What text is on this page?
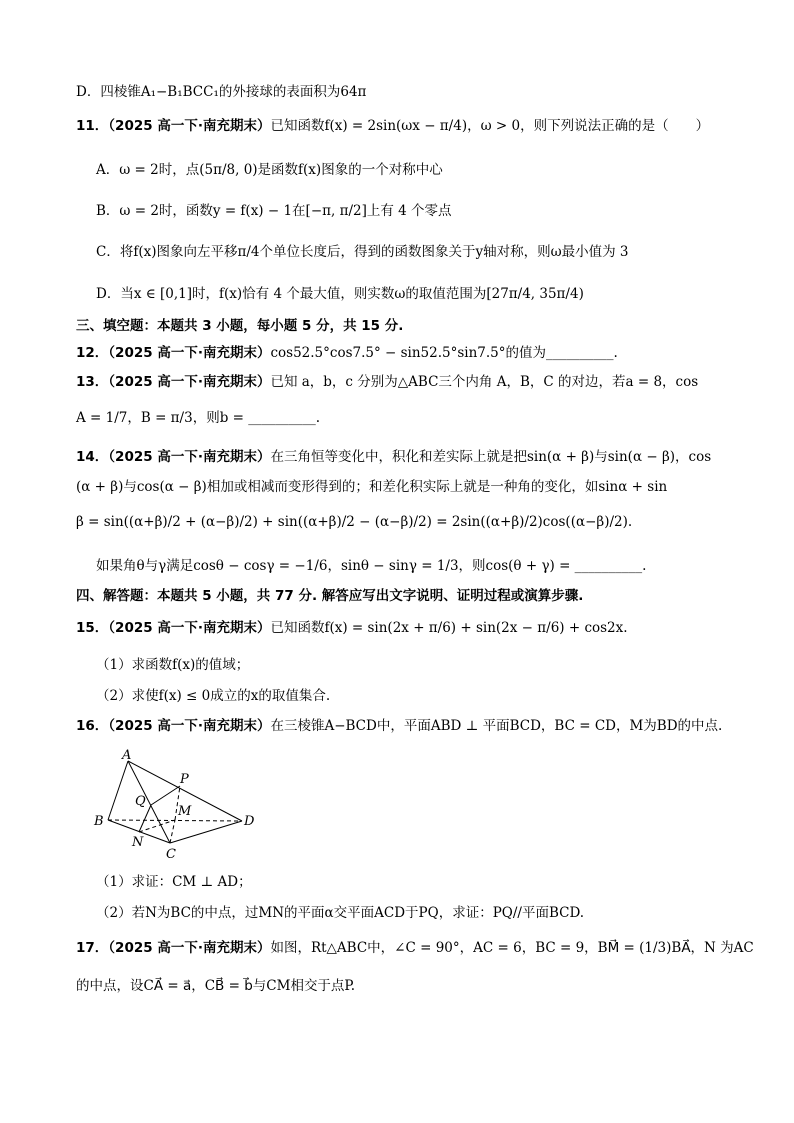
D．四棱锥A₁−B₁BCC₁的外接球的表面积为64π
11．（2025 高一下·南充期末）已知函数f(x) = 2sin(ωx − π/4)，ω > 0，则下列说法正确的是（　　）
A．ω = 2时，点(5π/8, 0)是函数f(x)图象的一个对称中心
B．ω = 2时，函数y = f(x) − 1在[−π, π/2]上有 4 个零点
C．将f(x)图象向左平移π/4个单位长度后，得到的函数图象关于y轴对称，则ω最小值为 3
D．当x ∈ [0,1]时，f(x)恰有 4 个最大值，则实数ω的取值范围为[27π/4, 35π/4)
三、填空题：本题共 3 小题，每小题 5 分，共 15 分.
12．（2025 高一下·南充期末）cos52.5°cos7.5° − sin52.5°sin7.5°的值为__________.
13．（2025 高一下·南充期末）已知 a，b，c 分别为△ABC三个内角 A，B，C 的对边，若a = 8，cos
A = 1/7，B = π/3，则b = __________.
14．（2025 高一下·南充期末）在三角恒等变化中，积化和差实际上就是把sin(α + β)与sin(α − β)，cos
(α + β)与cos(α − β)相加或相减而变形得到的；和差化积实际上就是一种角的变化，如sinα + sin
β = sin((α+β)/2 + (α−β)/2) + sin((α+β)/2 − (α−β)/2) = 2sin((α+β)/2)cos((α−β)/2).
如果角θ与γ满足cosθ − cosγ = −1/6，sinθ − sinγ = 1/3，则cos(θ + γ) = __________.
四、解答题：本题共 5 小题，共 77 分. 解答应写出文字说明、证明过程或演算步骤.
15．（2025 高一下·南充期末）已知函数f(x) = sin(2x + π/6) + sin(2x − π/6) + cos2x.
（1）求函数f(x)的值域；
（2）求使f(x) ≤ 0成立的x的取值集合.
16．（2025 高一下·南充期末）在三棱锥A−BCD中，平面ABD ⊥ 平面BCD，BC = CD，M为BD的中点.
A
B
C
D
P
Q
M
N
（1）求证：CM ⊥ AD；
（2）若N为BC的中点，过MN的平面α交平面ACD于PQ，求证：PQ//平面BCD.
17．（2025 高一下·南充期末）如图，Rt△ABC中，∠C = 90°，AC = 6，BC = 9，BM⃗ = (1/3)BA⃗，N 为AC
的中点，设CA⃗ = a⃗，CB⃗ = b⃗与CM相交于点P.
